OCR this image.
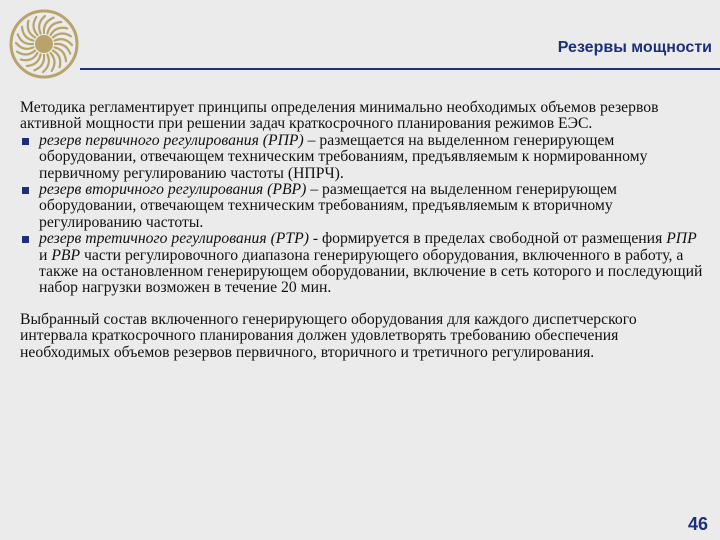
Резервы мощности

Методика регламентирует принципы определения минимально необходимых объемов резервов активной мощности при решении задач краткосрочного планирования режимов ЕЭС.

резерв первичного регулирования (РПР) – размещается на выделенном генерирующем оборудовании, отвечающем техническим требованиям, предъявляемым к нормированному первичному регулированию частоты (НПРЧ).
резерв вторичного регулирования (РВР) – размещается на выделенном генерирующем оборудовании, отвечающем техническим требованиям, предъявляемым к вторичному регулированию частоты.
резерв третичного регулирования (РТР) - формируется в пределах свободной от размещения РПР и РВР части регулировочного диапазона генерирующего оборудования, включенного в работу, а также на остановленном генерирующем оборудовании, включение в сеть которого и последующий набор нагрузки возможен в течение 20 мин.

Выбранный состав включенного генерирующего оборудования для каждого диспетчерского интервала краткосрочного планирования должен удовлетворять требованию обеспечения необходимых объемов резервов первичного, вторичного и третичного регулирования.

46
